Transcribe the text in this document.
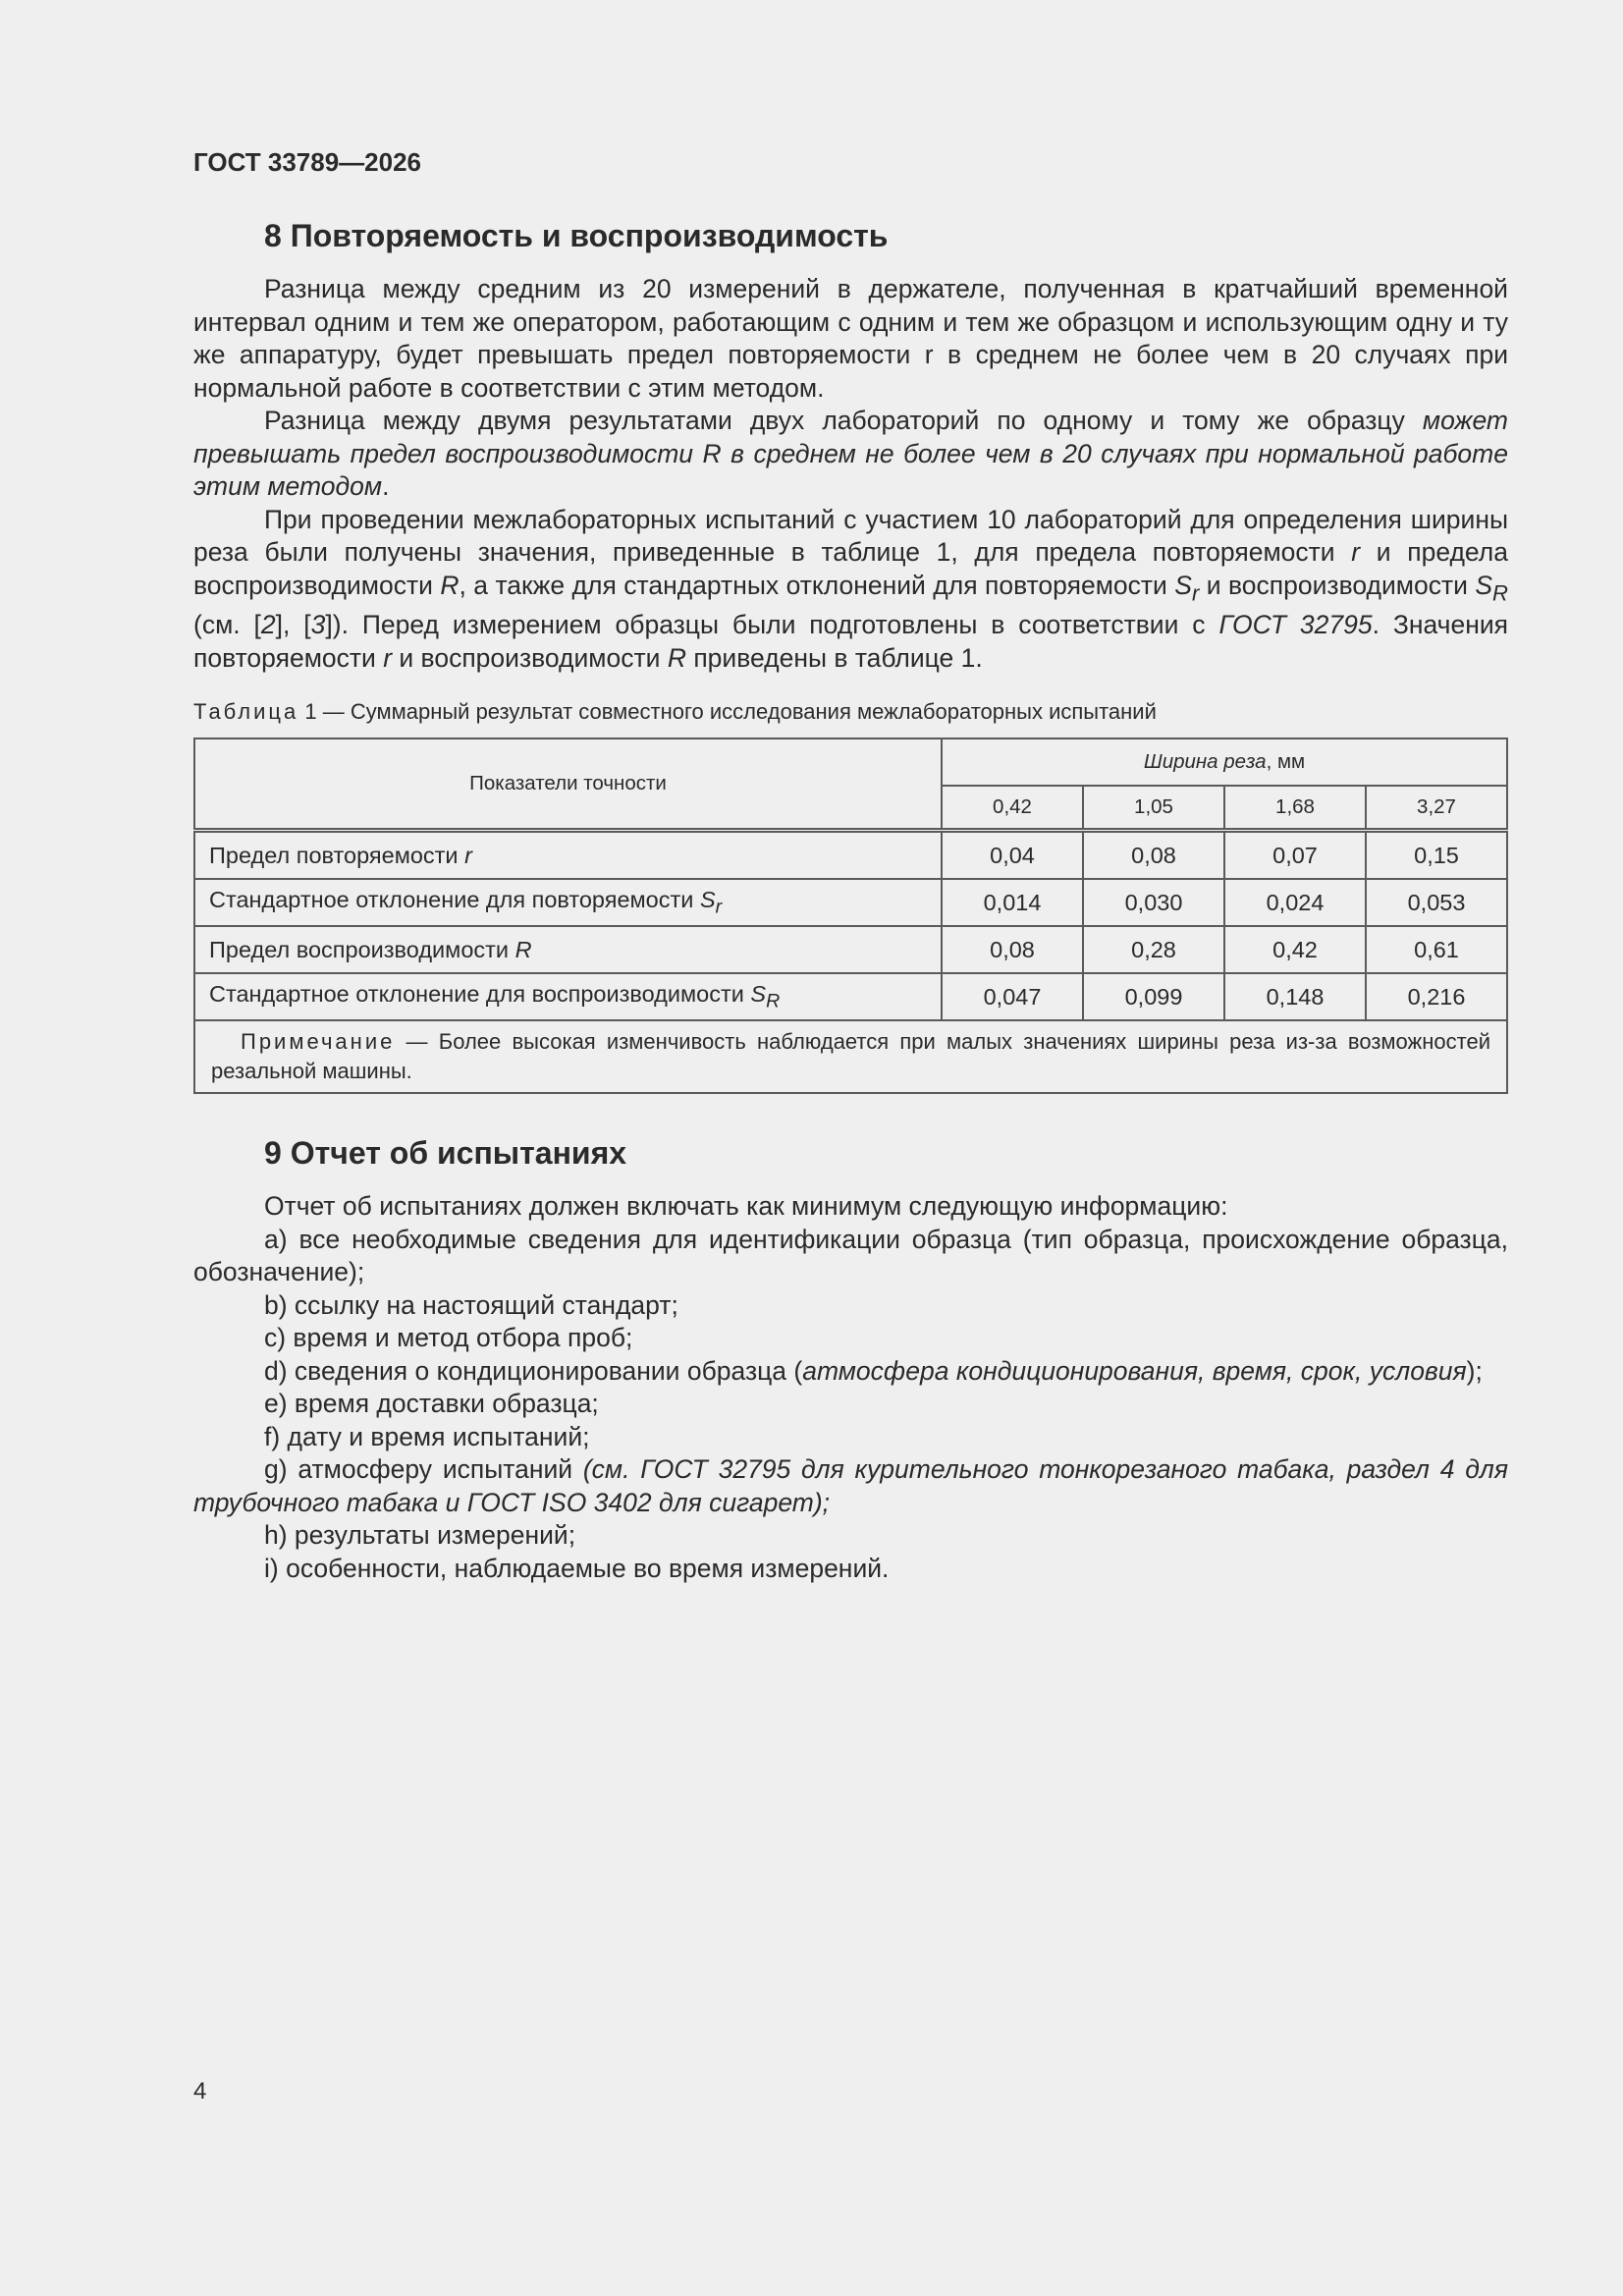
ГОСТ 33789—2026
8 Повторяемость и воспроизводимость

Разница между средним из 20 измерений в держателе, полученная в кратчайший временной интервал одним и тем же оператором, работающим с одним и тем же образцом и использующим одну и ту же аппаратуру, будет превышать предел повторяемости r в среднем не более чем в 20 случаях при нормальной работе в соответствии с этим методом.

Разница между двумя результатами двух лабораторий по одному и тому же образцу может превышать предел воспроизводимости R в среднем не более чем в 20 случаях при нормальной работе этим методом.

При проведении межлабораторных испытаний с участием 10 лабораторий для определения ширины реза были получены значения, приведенные в таблице 1, для предела повторяемости r и предела воспроизводимости R, а также для стандартных отклонений для повторяемости $S_r$ и воспроизводимости $S_R$ (см. [2], [3]). Перед измерением образцы были подготовлены в соответствии с ГОСТ 32795. Значения повторяемости r и воспроизводимости R приведены в таблице 1.

Таблица 1 — Суммарный результат совместного исследования межлабораторных испытаний
Показатели точности	Ширина реза, мм			
	0,42	1,05	1,68	3,27
Предел повторяемости r	0,04	0,08	0,07	0,15
Стандартное отклонение для повторяемости $S_r$	0,014	0,030	0,024	0,053
Предел воспроизводимости R	0,08	0,28	0,42	0,61
Стандартное отклонение для воспроизводимости $S_R$	0,047	0,099	0,148	0,216
Примечание — Более высокая изменчивость наблюдается при малых значениях ширины реза из-за возможностей резальной машины.				
9 Отчет об испытаниях

Отчет об испытаниях должен включать как минимум следующую информацию:

a) все необходимые сведения для идентификации образца (тип образца, происхождение образца, обозначение);

b) ссылку на настоящий стандарт;

c) время и метод отбора проб;

d) сведения о кондиционировании образца (атмосфера кондиционирования, время, срок, условия);

e) время доставки образца;

f) дату и время испытаний;

g) атмосферу испытаний (см. ГОСТ 32795 для курительного тонкорезаного табака, раздел 4 для трубочного табака и ГОСТ ISO 3402 для сигарет);

h) результаты измерений;

i) особенности, наблюдаемые во время измерений.

4
